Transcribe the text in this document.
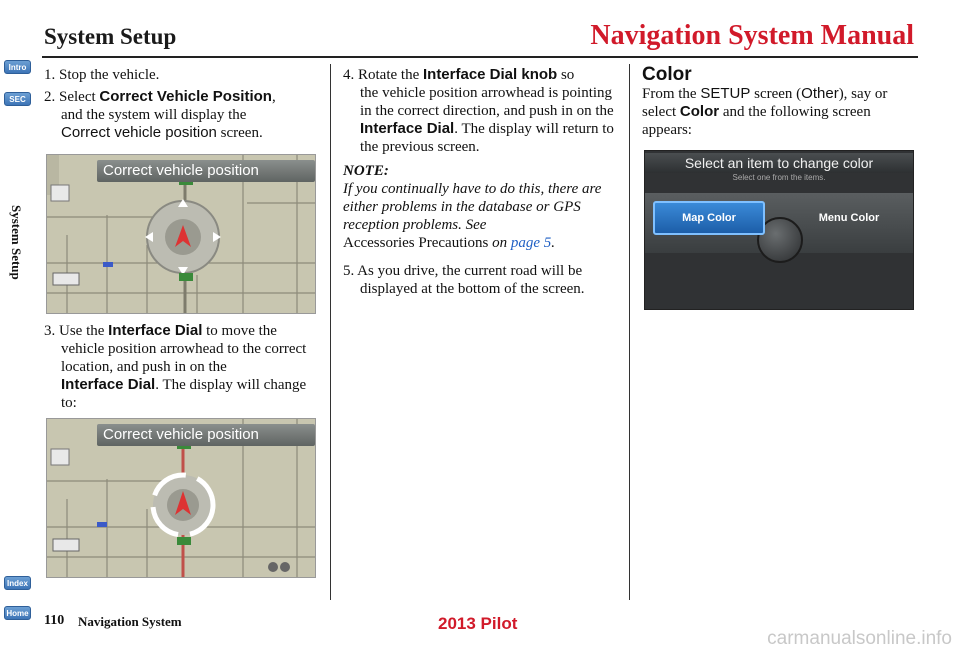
System Setup	Navigation System Manual
Intro
SEC
System Setup
Index
Home
1. Stop the vehicle.
2. Select Correct Vehicle Position,
and the system will display the
Correct vehicle position screen.
3. Use the Interface Dial to move the
vehicle position arrowhead to the correct location, and push in on the
Interface Dial. The display will change to:
Correct vehicle position
Correct vehicle position
4. Rotate the Interface Dial knob so
the vehicle position arrowhead is pointing in the correct direction, and push in on the Interface Dial. The display will return to the previous screen.
NOTE:
If you continually have to do this, there are either problems in the database or GPS reception problems. See
Accessories Precautions on page 5.
5. As you drive, the current road will be
displayed at the bottom of the screen.
Color
From the SETUP screen (Other), say or select Color and the following screen appears:
Select an item to change color
Select one from the items.
Map Color	Menu Color
110 Navigation System	2013 Pilot
carmanualsonline.info
